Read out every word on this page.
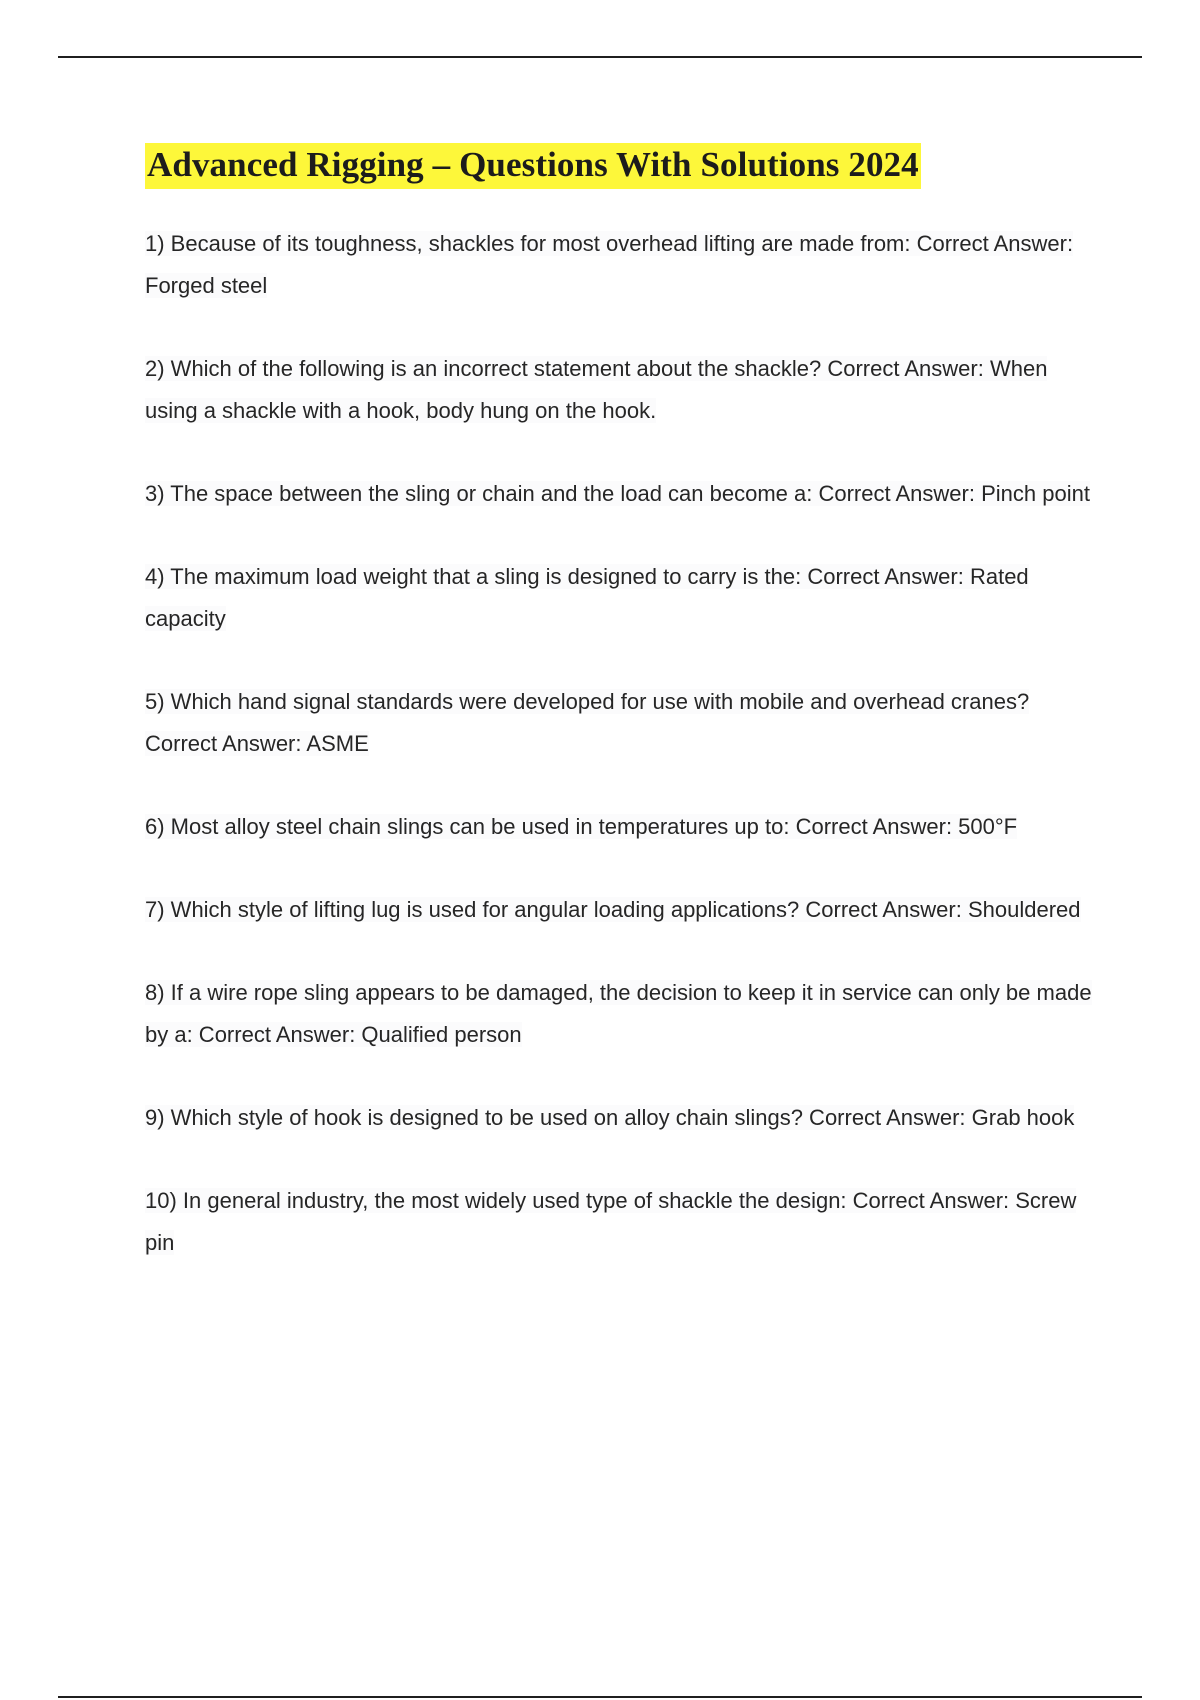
Advanced Rigging – Questions With Solutions 2024

1) Because of its toughness, shackles for most overhead lifting are made from: Correct Answer: Forged steel

2) Which of the following is an incorrect statement about the shackle? Correct Answer: When using a shackle with a hook, body hung on the hook.

3) The space between the sling or chain and the load can become a: Correct Answer: Pinch point

4) The maximum load weight that a sling is designed to carry is the: Correct Answer: Rated capacity

5) Which hand signal standards were developed for use with mobile and overhead cranes? Correct Answer: ASME

6) Most alloy steel chain slings can be used in temperatures up to: Correct Answer: 500°F

7) Which style of lifting lug is used for angular loading applications? Correct Answer: Shouldered

8) If a wire rope sling appears to be damaged, the decision to keep it in service can only be made by a: Correct Answer: Qualified person

9) Which style of hook is designed to be used on alloy chain slings? Correct Answer: Grab hook

10) In general industry, the most widely used type of shackle the design: Correct Answer: Screw pin
